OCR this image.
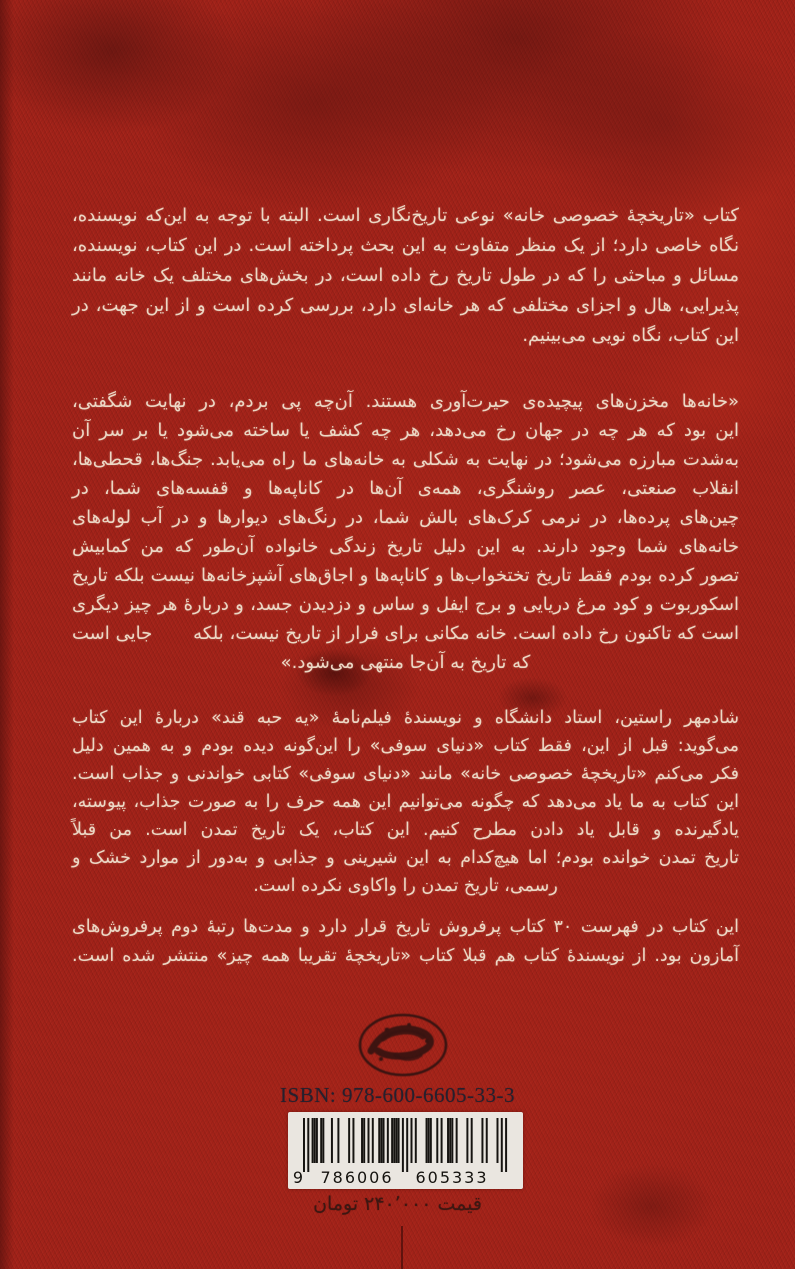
کتاب «تاریخچهٔ خصوصی خانه» نوعی تاریخ‌نگاری است. البته با توجه به این‌که نویسنده،
نگاه خاصی دارد؛ از یک منظر متفاوت به این بحث پرداخته است. در این کتاب، نویسنده،
مسائل و مباحثی را که در طول تاریخ رخ داده است، در بخش‌های مختلف یک خانه مانند
پذیرایی، هال و اجزای مختلفی که هر خانه‌ای دارد، بررسی کرده است و از این جهت، در
این کتاب، نگاه نویی می‌بینیم.
«خانه‌ها مخزن‌های پیچیده‌ی حیرت‌آوری هستند. آن‌چه پی بردم، در نهایت شگفتی،
این بود که هر چه در جهان رخ می‌دهد، هر چه کشف یا ساخته می‌شود یا بر سر آن
به‌شدت مبارزه می‌شود؛ در نهایت به شکلی به خانه‌های ما راه می‌یابد. جنگ‌ها، قحطی‌ها،
انقلاب صنعتی، عصر روشنگری، همه‌ی آن‌ها در کاناپه‌ها و قفسه‌های شما، در
چین‌های پرده‌ها، در نرمی کرک‌های بالش شما، در رنگ‌های دیوارها و در آب لوله‌های
خانه‌های شما وجود دارند. به این دلیل تاریخ زندگی خانواده آن‌طور که من کمابیش
تصور کرده بودم فقط تاریخ تختخواب‌ها و کاناپه‌ها و اجاق‌های آشپزخانه‌ها نیست بلکه تاریخ
اسکوربوت و کود مرغ دریایی و برج ایفل و ساس و دزدیدن جسد، و دربارهٔ هر چیز دیگری
است که تاکنون رخ داده است. خانه مکانی برای فرار از تاریخ نیست، بلکه       جایی است
که تاریخ به آن‌جا منتهی می‌شود.»
شادمهر راستین، استاد دانشگاه و نویسندهٔ فیلم‌نامهٔ «یه حبه قند» دربارهٔ این کتاب
می‌گوید: قبل از این، فقط کتاب «دنیای سوفی» را این‌گونه دیده بودم و به همین دلیل
فکر می‌کنم «تاریخچهٔ خصوصی خانه» مانند «دنیای سوفی» کتابی خواندنی و جذاب است.
این کتاب به ما یاد می‌دهد که چگونه می‌توانیم این همه حرف را به صورت جذاب، پیوسته،
یادگیرنده و قابل یاد دادن مطرح کنیم. این کتاب، یک تاریخ تمدن است. من قبلاً
تاریخ تمدن خوانده بودم؛ اما هیچ‌کدام به این شیرینی و جذابی و به‌دور از موارد خشک و
رسمی، تاریخ تمدن را واکاوی نکرده است.
این کتاب در فهرست ۳۰ کتاب پرفروش تاریخ قرار دارد و مدت‌ها رتبهٔ دوم پرفروش‌های
آمازون بود. از نویسندهٔ کتاب هم قبلا کتاب «تاریخچهٔ تقریبا همه چیز» منتشر شده است.
ISBN: 978-600-6605-33-3
9	786006	605333
قیمت ۲۴۰٬۰۰۰ تومان
